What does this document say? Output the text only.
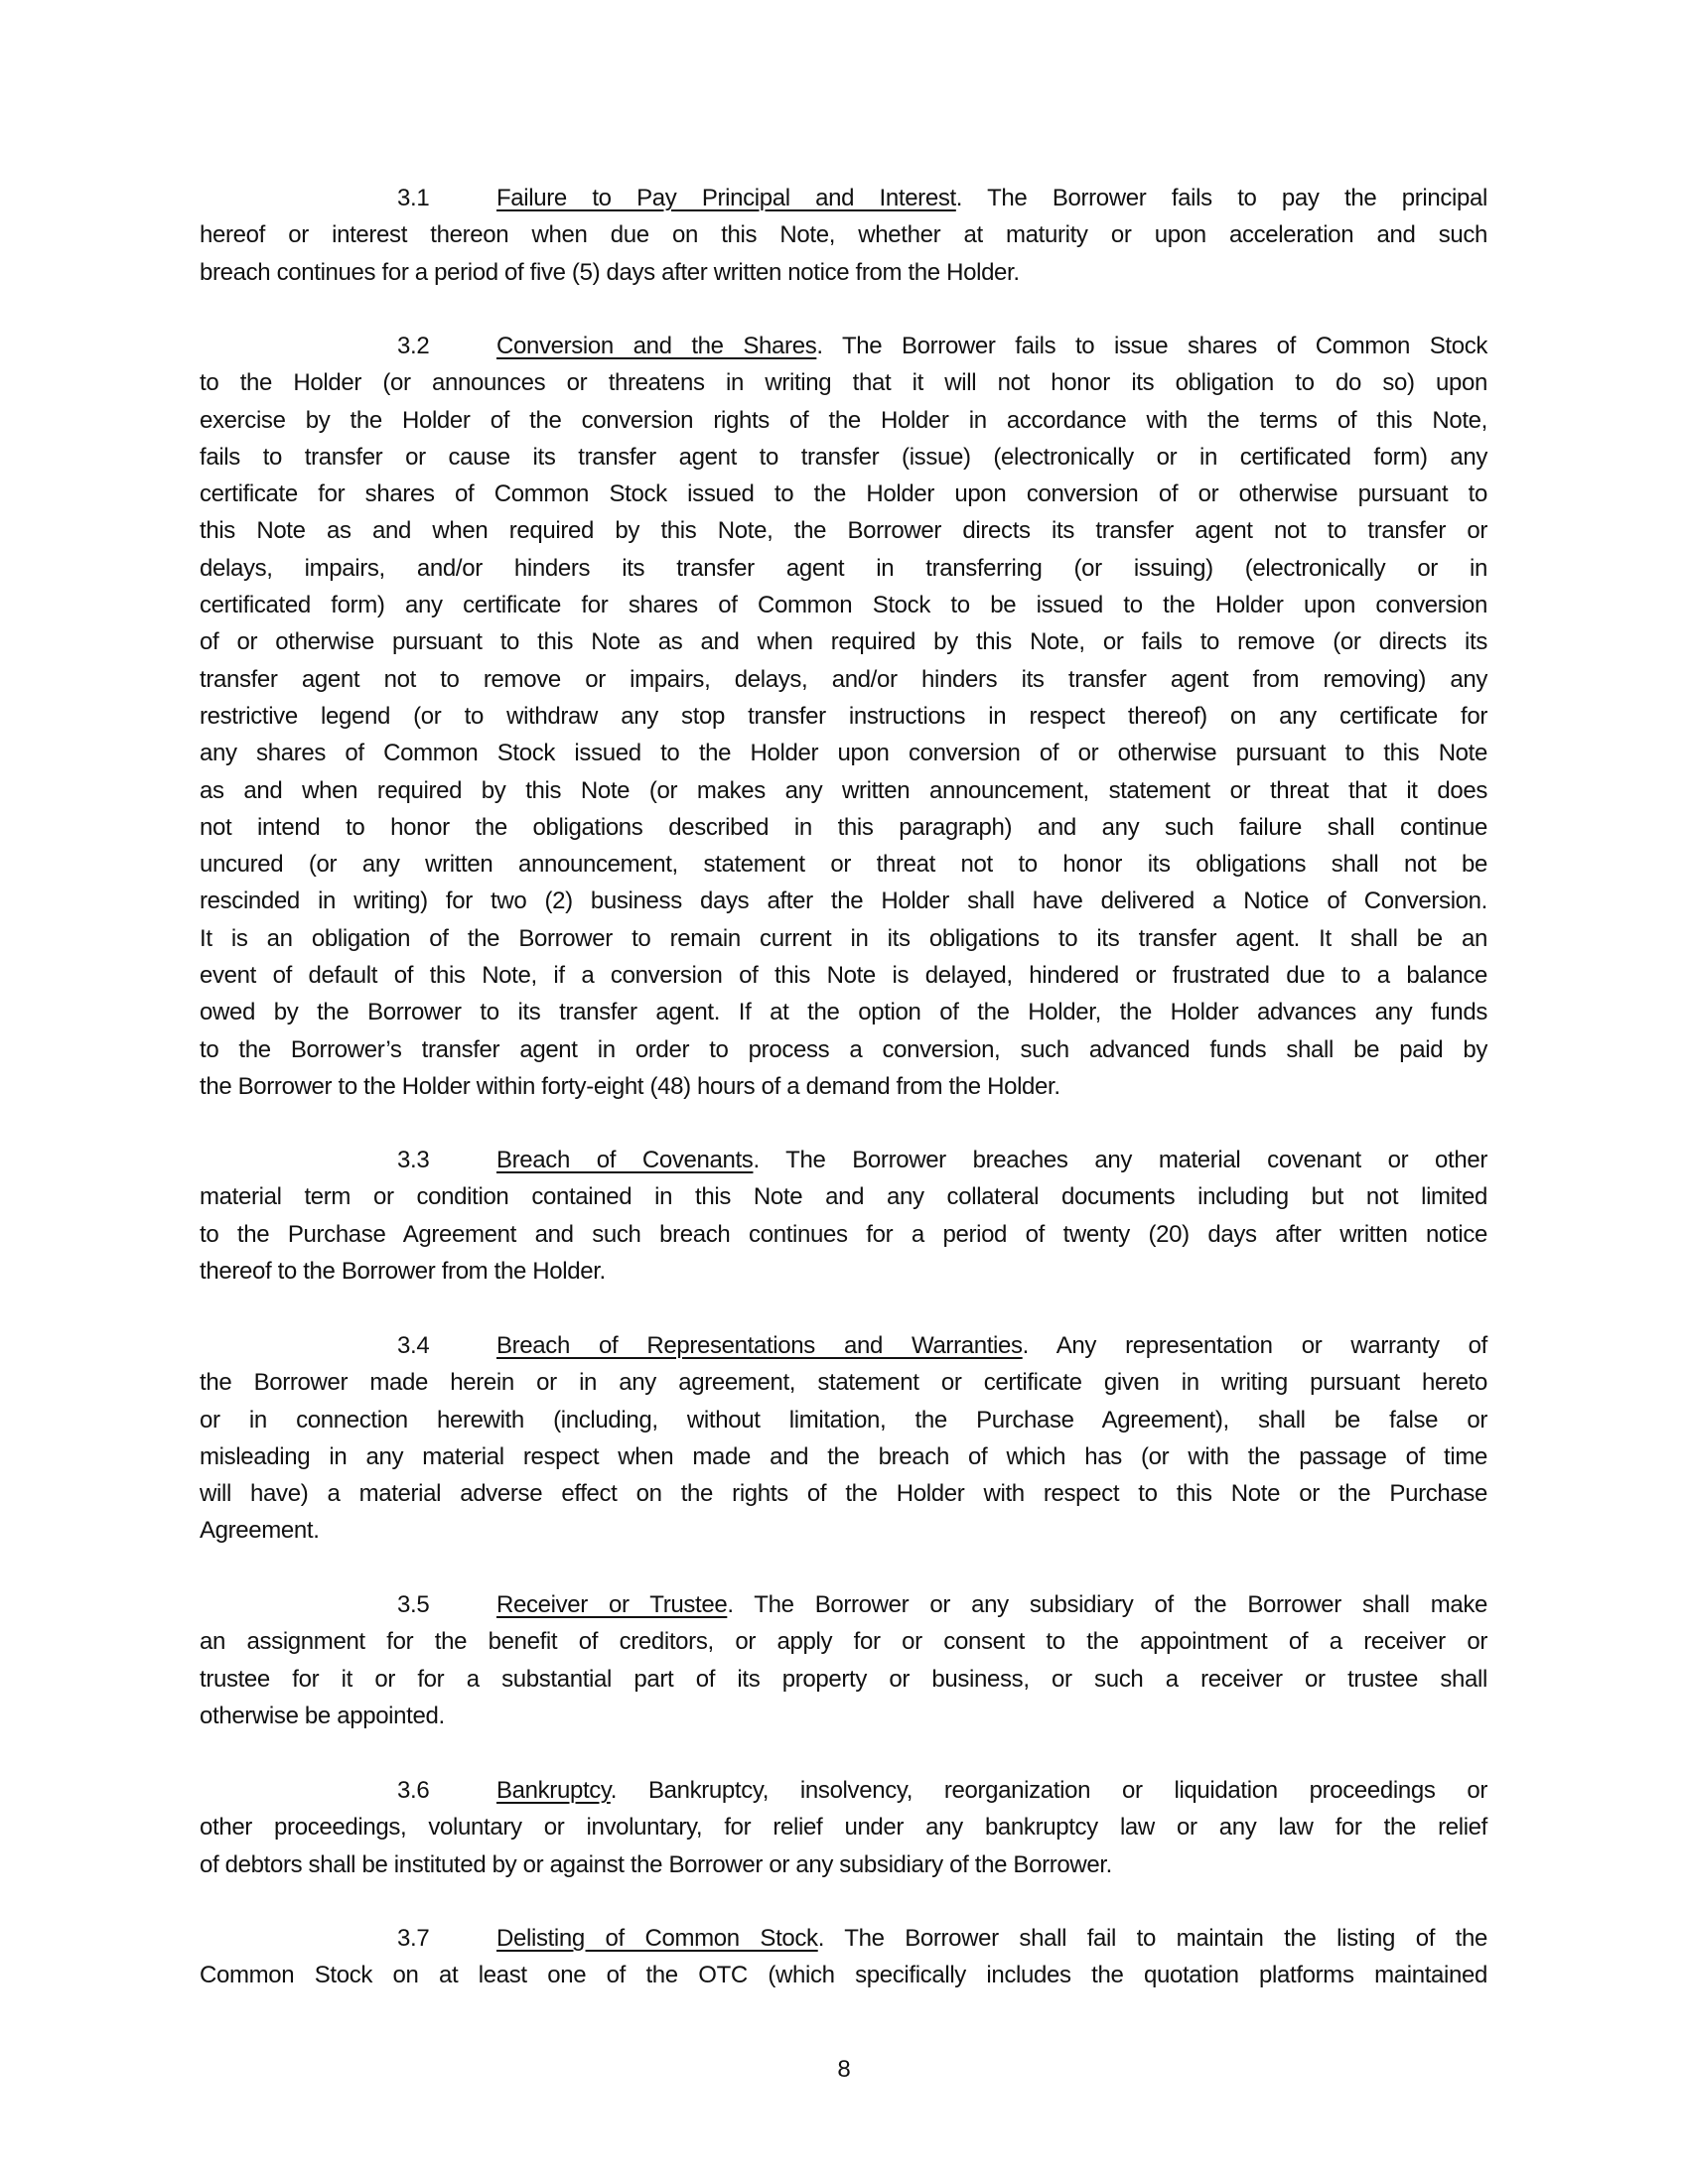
3.1	Failure to Pay Principal and Interest. The Borrower fails to pay the principal
hereof or interest thereon when due on this Note, whether at maturity or upon acceleration and such
breach continues for a period of five (5) days after written notice from the Holder.
3.2	Conversion and the Shares. The Borrower fails to issue shares of Common Stock
to the Holder (or announces or threatens in writing that it will not honor its obligation to do so) upon
exercise by the Holder of the conversion rights of the Holder in accordance with the terms of this Note,
fails to transfer or cause its transfer agent to transfer (issue) (electronically or in certificated form) any
certificate for shares of Common Stock issued to the Holder upon conversion of or otherwise pursuant to
this Note as and when required by this Note, the Borrower directs its transfer agent not to transfer or
delays, impairs, and/or hinders its transfer agent in transferring (or issuing) (electronically or in
certificated form) any certificate for shares of Common Stock to be issued to the Holder upon conversion
of or otherwise pursuant to this Note as and when required by this Note, or fails to remove (or directs its
transfer agent not to remove or impairs, delays, and/or hinders its transfer agent from removing) any
restrictive legend (or to withdraw any stop transfer instructions in respect thereof) on any certificate for
any shares of Common Stock issued to the Holder upon conversion of or otherwise pursuant to this Note
as and when required by this Note (or makes any written announcement, statement or threat that it does
not intend to honor the obligations described in this paragraph) and any such failure shall continue
uncured (or any written announcement, statement or threat not to honor its obligations shall not be
rescinded in writing) for two (2) business days after the Holder shall have delivered a Notice of Conversion.
It is an obligation of the Borrower to remain current in its obligations to its transfer agent. It shall be an
event of default of this Note, if a conversion of this Note is delayed, hindered or frustrated due to a balance
owed by the Borrower to its transfer agent. If at the option of the Holder, the Holder advances any funds
to the Borrower’s transfer agent in order to process a conversion, such advanced funds shall be paid by
the Borrower to the Holder within forty-eight (48) hours of a demand from the Holder.
3.3	Breach of Covenants. The Borrower breaches any material covenant or other
material term or condition contained in this Note and any collateral documents including but not limited
to the Purchase Agreement and such breach continues for a period of twenty (20) days after written notice
thereof to the Borrower from the Holder.
3.4	Breach of Representations and Warranties. Any representation or warranty of
the Borrower made herein or in any agreement, statement or certificate given in writing pursuant hereto
or in connection herewith (including, without limitation, the Purchase Agreement), shall be false or
misleading in any material respect when made and the breach of which has (or with the passage of time
will have) a material adverse effect on the rights of the Holder with respect to this Note or the Purchase
Agreement.
3.5	Receiver or Trustee. The Borrower or any subsidiary of the Borrower shall make
an assignment for the benefit of creditors, or apply for or consent to the appointment of a receiver or
trustee for it or for a substantial part of its property or business, or such a receiver or trustee shall
otherwise be appointed.
3.6	Bankruptcy. Bankruptcy, insolvency, reorganization or liquidation proceedings or
other proceedings, voluntary or involuntary, for relief under any bankruptcy law or any law for the relief
of debtors shall be instituted by or against the Borrower or any subsidiary of the Borrower.
3.7	Delisting of Common Stock. The Borrower shall fail to maintain the listing of the
Common Stock on at least one of the OTC (which specifically includes the quotation platforms maintained
8
